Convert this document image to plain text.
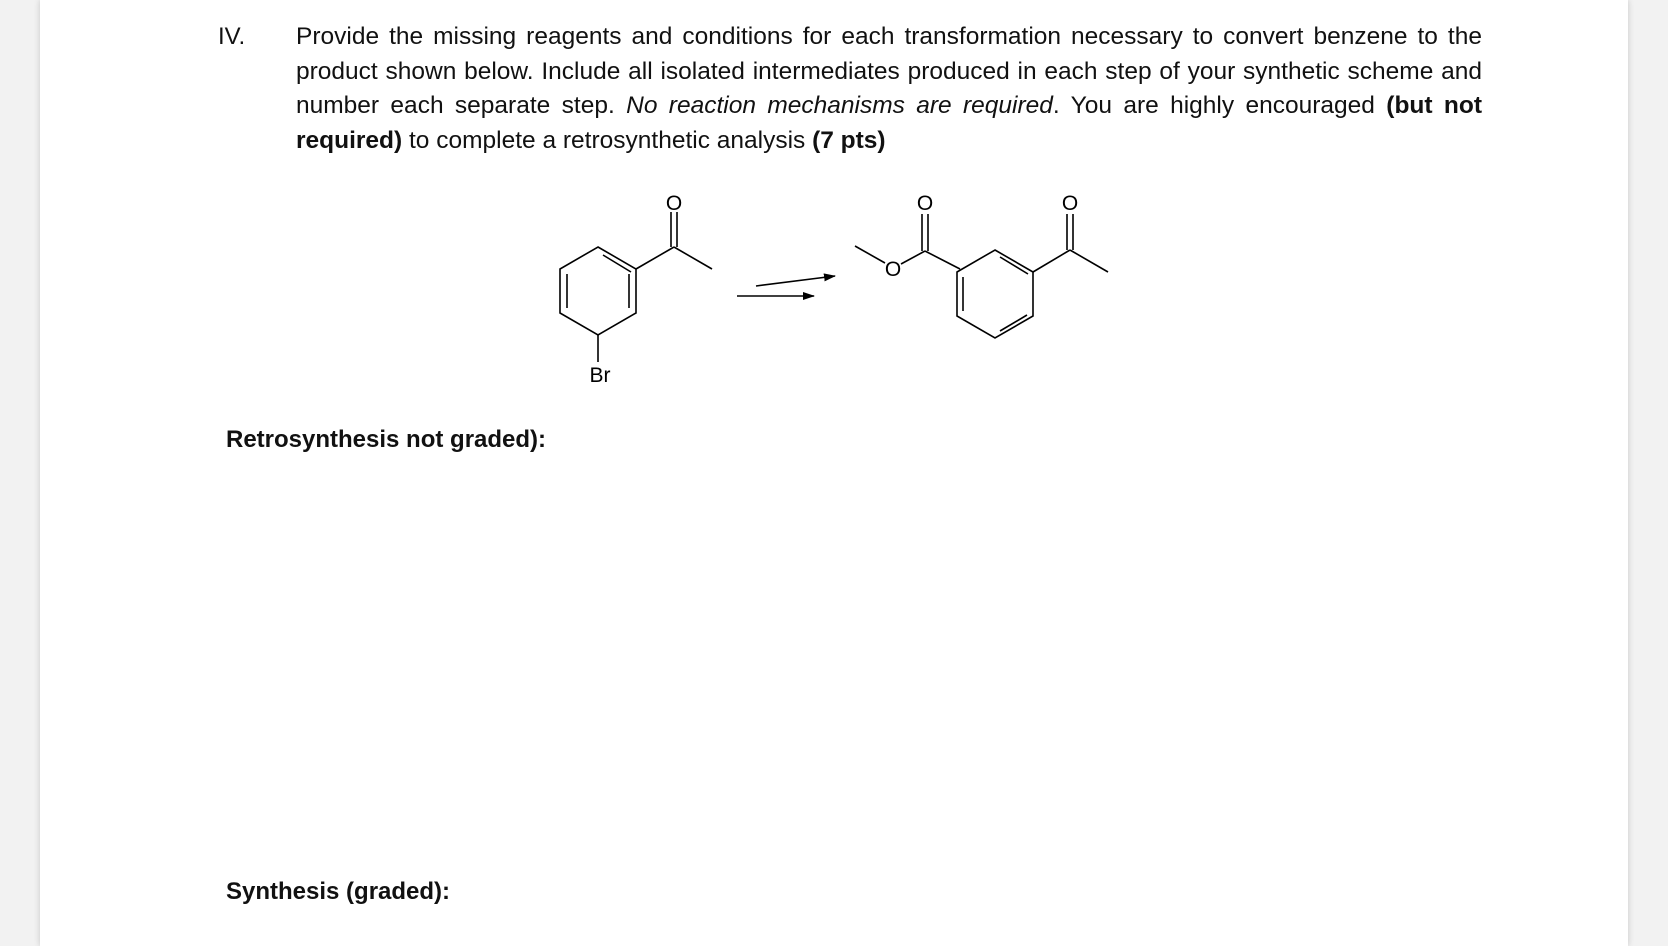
IV. Provide the missing reagents and conditions for each transformation necessary to convert benzene to the product shown below. Include all isolated intermediates produced in each step of your synthetic scheme and number each separate step. No reaction mechanisms are required. You are highly encouraged (but not required) to complete a retrosynthetic analysis (7 pts)
O
Br
O
O	O
Retrosynthesis not graded):
Synthesis (graded):
